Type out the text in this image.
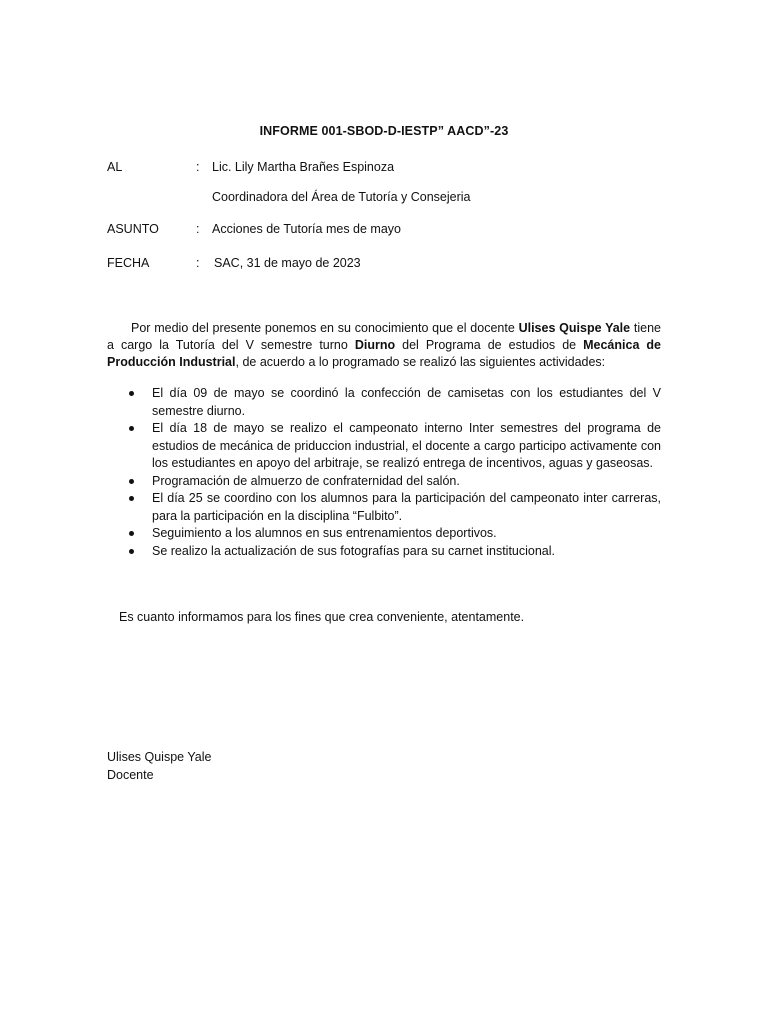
INFORME 001-SBOD-D-IESTP” AACD”-23
AL	: Lic. Lily Martha Brañes Espinoza
Coordinadora del Área de Tutoría y Consejeria
ASUNTO	: Acciones de Tutoría mes de mayo
FECHA	: SAC, 31 de mayo de 2023

Por medio del presente ponemos en su conocimiento que el docente Ulises Quispe Yale tiene a cargo la Tutoría del V semestre turno Diurno del Programa de estudios de Mecánica de Producción Industrial, de acuerdo a lo programado se realizó las siguientes actividades:

El día 09 de mayo se coordinó la confección de camisetas con los estudiantes del V semestre diurno.
El día 18 de mayo se realizo el campeonato interno Inter semestres del programa de estudios de mecánica de priduccion industrial, el docente a cargo participo activamente con los estudiantes en apoyo del arbitraje, se realizó entrega de incentivos, aguas y gaseosas.
Programación de almuerzo de confraternidad del salón.
El día 25 se coordino con los alumnos para la participación del campeonato inter carreras, para la participación en la disciplina “Fulbito”.
Seguimiento a los alumnos en sus entrenamientos deportivos.
Se realizo la actualización de sus fotografías para su carnet institucional.
Es cuanto informamos para los fines que crea conveniente, atentamente.
Ulises Quispe Yale
Docente
